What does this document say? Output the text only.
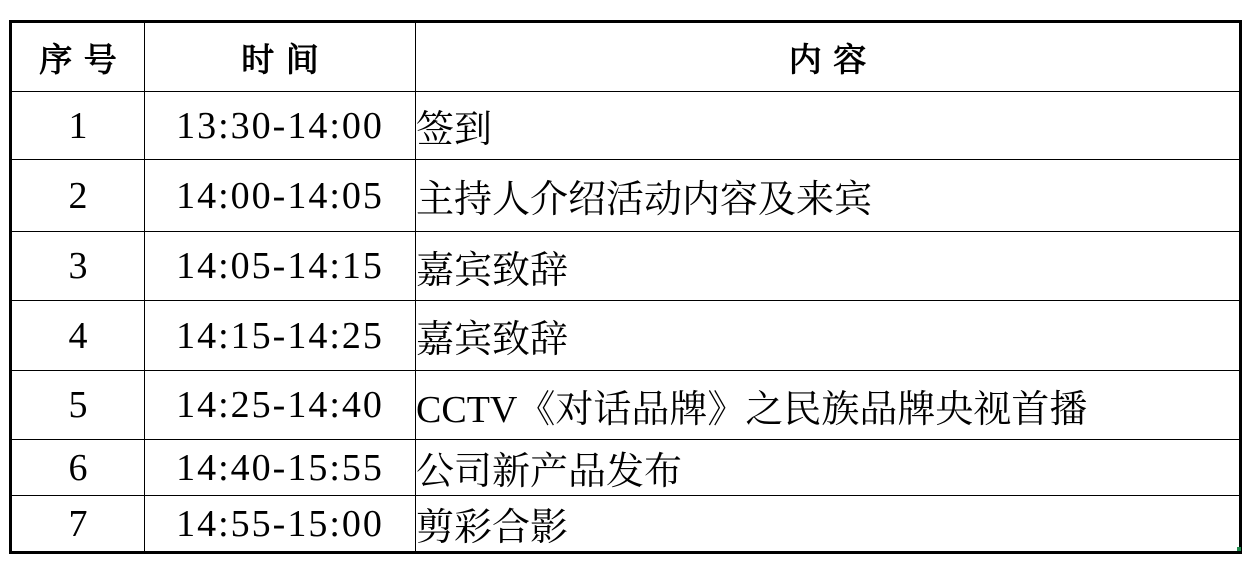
序号	时间	内容
1	13:30-14:00	签到
2	14:00-14:05	主持人介绍活动内容及来宾
3	14:05-14:15	嘉宾致辞
4	14:15-14:25	嘉宾致辞
5	14:25-14:40	CCTV《对话品牌》之民族品牌央视首播
6	14:40-15:55	公司新产品发布
7	14:55-15:00	剪彩合影
